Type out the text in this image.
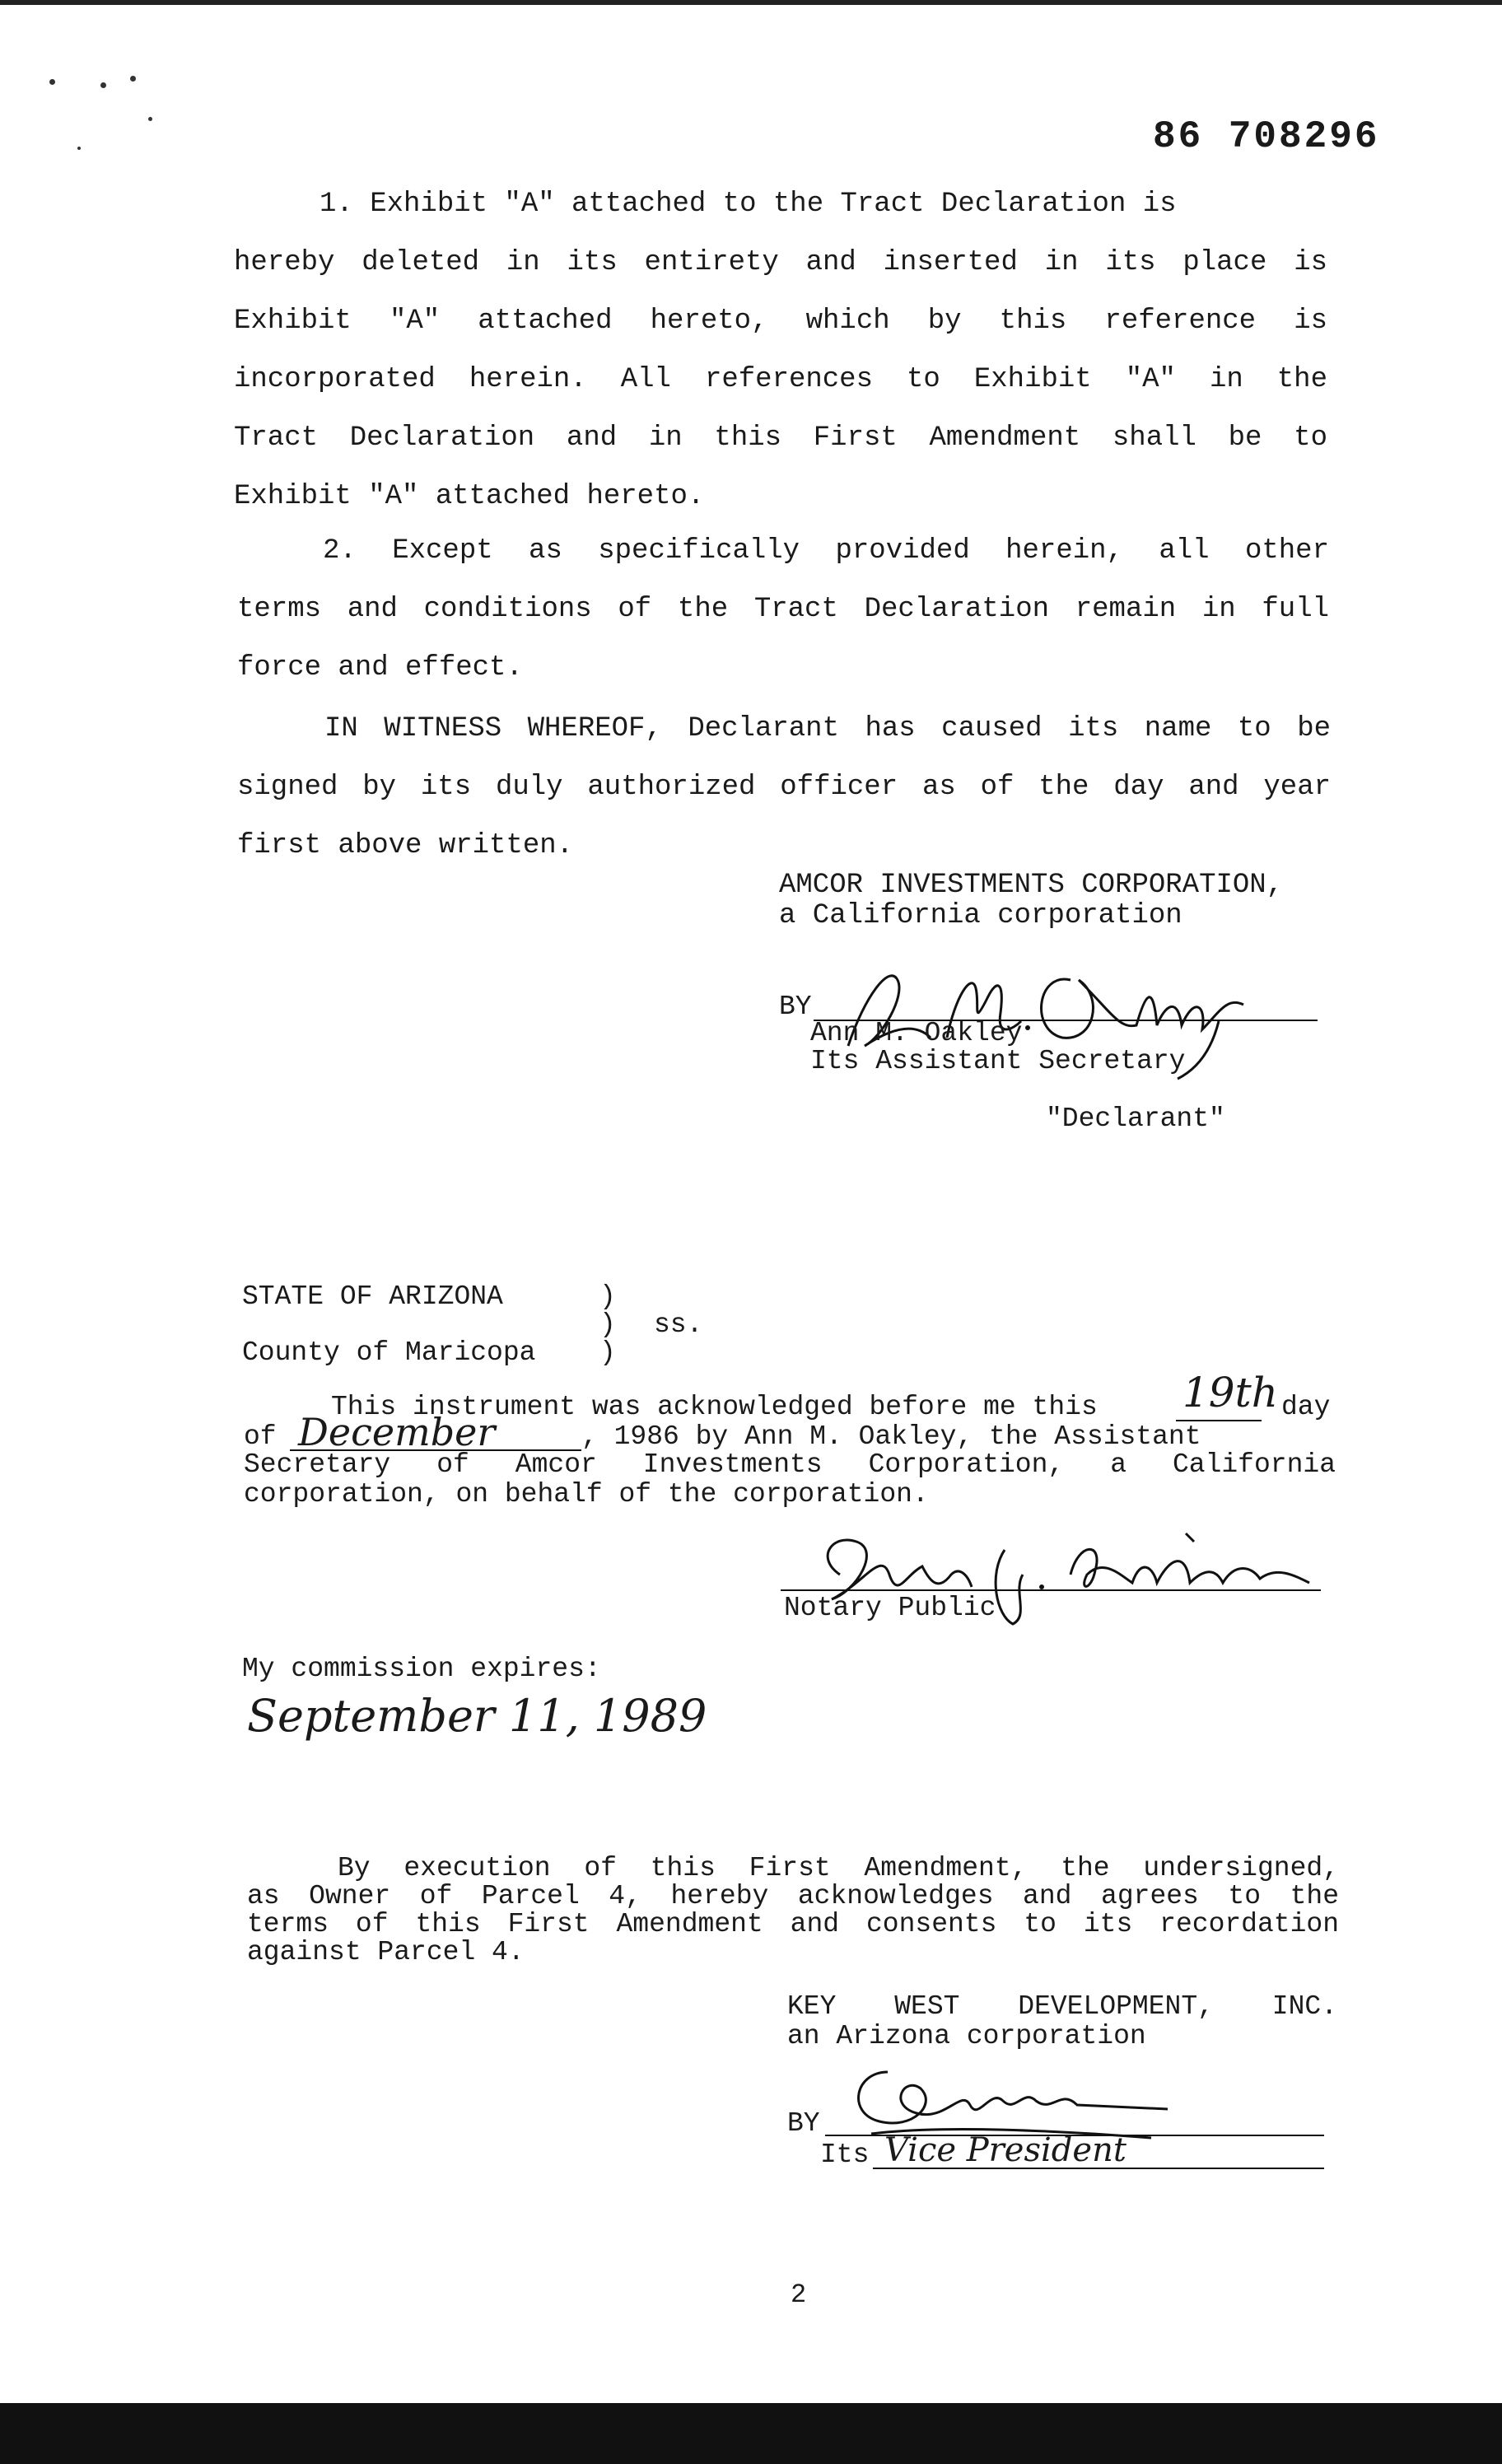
86 708296
1. Exhibit "A" attached to the Tract Declaration is
hereby deleted in its entirety and inserted in its place is
Exhibit "A" attached hereto, which by this reference is
incorporated herein. All references to Exhibit "A" in the
Tract Declaration and in this First Amendment shall be to
Exhibit "A" attached hereto.
2. Except as specifically provided herein, all other
terms and conditions of the Tract Declaration remain in full
force and effect.
IN WITNESS WHEREOF, Declarant has caused its name to be
signed by its duly authorized officer as of the day and year
first above written.
AMCOR INVESTMENTS CORPORATION,
a California corporation
BY
Ann M. Oakley
Its Assistant Secretary
"Declarant"
STATE OF ARIZONA	)
) ss.
County of Maricopa )
This instrument was acknowledged before me this 19th day
of December	, 1986 by Ann M. Oakley, the Assistant
Secretary of Amcor Investments Corporation, a California
corporation, on behalf of the corporation.
Notary Public
My commission expires:
September 11, 1989
By execution of this First Amendment, the undersigned,
as Owner of Parcel 4, hereby acknowledges and agrees to the
terms of this First Amendment and consents to its recordation
against Parcel 4.
KEY WEST DEVELOPMENT, INC.
an Arizona corporation
BY
Its Vice President
2
